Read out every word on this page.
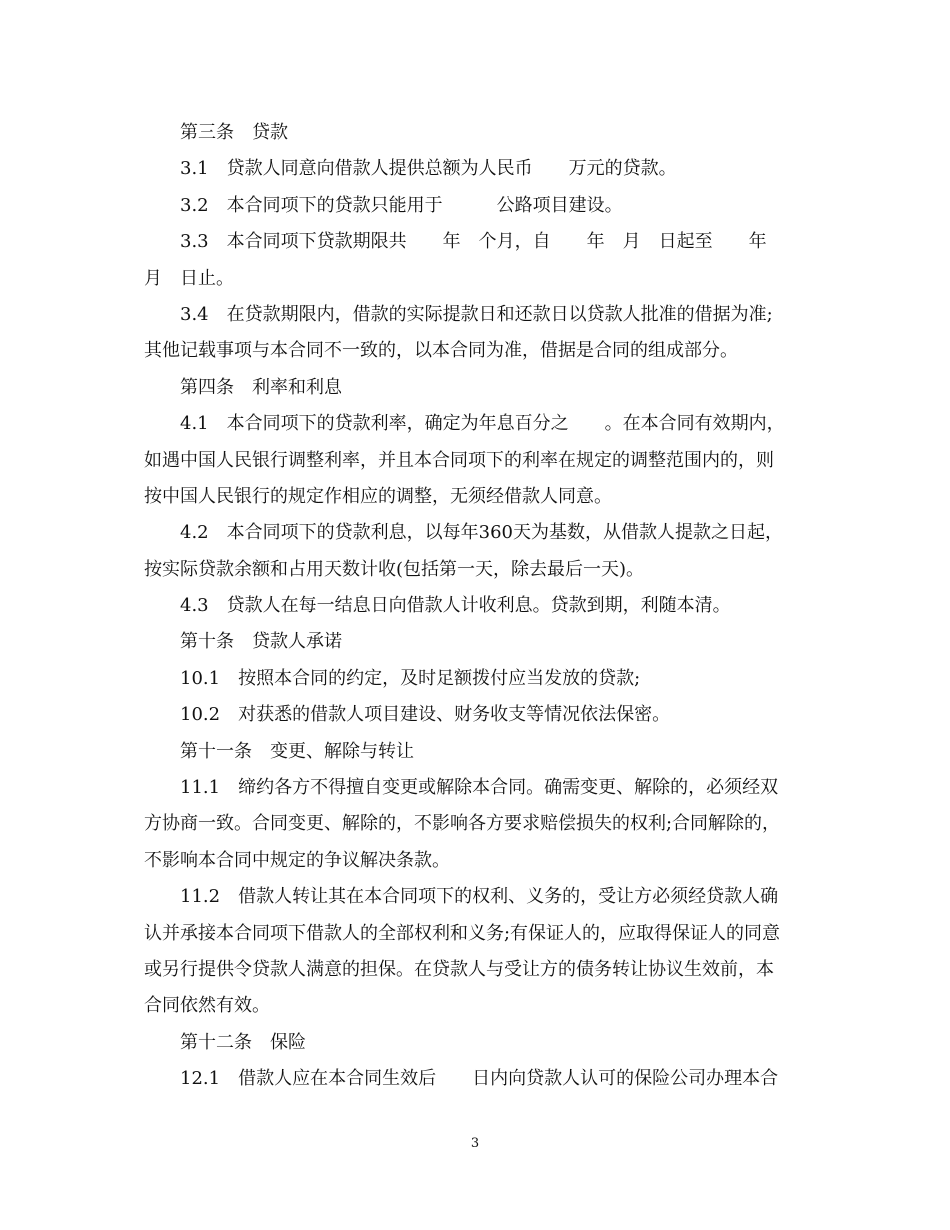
第三条　贷款
3.1　贷款人同意向借款人提供总额为人民币　　万元的贷款。
3.2　本合同项下的贷款只能用于　　　公路项目建设。
3.3　本合同项下贷款期限共　　年　个月，自　　年　月　日起至　　年
月　日止。
3.4　在贷款期限内，借款的实际提款日和还款日以贷款人批准的借据为准;
其他记载事项与本合同不一致的，以本合同为准，借据是合同的组成部分。
第四条　利率和利息
4.1　本合同项下的贷款利率，确定为年息百分之　　。在本合同有效期内，
如遇中国人民银行调整利率，并且本合同项下的利率在规定的调整范围内的，则
按中国人民银行的规定作相应的调整，无须经借款人同意。
4.2　本合同项下的贷款利息，以每年360天为基数，从借款人提款之日起，
按实际贷款余额和占用天数计收(包括第一天，除去最后一天)。
4.3　贷款人在每一结息日向借款人计收利息。贷款到期，利随本清。
第十条　贷款人承诺
10.1　按照本合同的约定，及时足额拨付应当发放的贷款;
10.2　对获悉的借款人项目建设、财务收支等情况依法保密。
第十一条　变更、解除与转让
11.1　缔约各方不得擅自变更或解除本合同。确需变更、解除的，必须经双
方协商一致。合同变更、解除的，不影响各方要求赔偿损失的权利;合同解除的，
不影响本合同中规定的争议解决条款。
11.2　借款人转让其在本合同项下的权利、义务的，受让方必须经贷款人确
认并承接本合同项下借款人的全部权利和义务;有保证人的，应取得保证人的同意
或另行提供令贷款人满意的担保。在贷款人与受让方的债务转让协议生效前，本
合同依然有效。
第十二条　保险
12.1　借款人应在本合同生效后　　日内向贷款人认可的保险公司办理本合
3
